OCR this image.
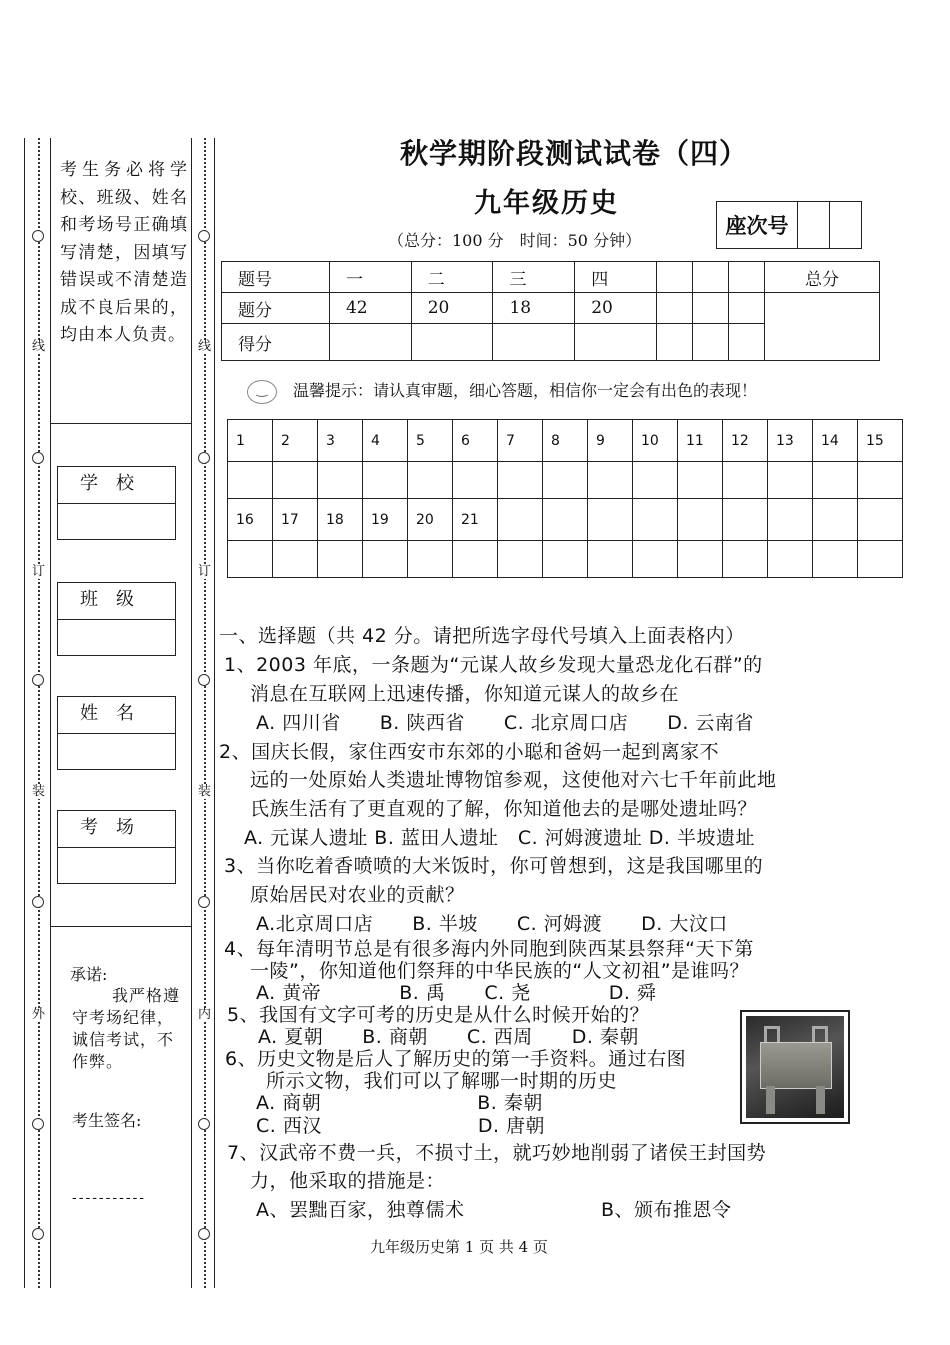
线
订
装
外
线
订
装
内
考生务必将学校、班级、姓名和考场号正确填写清楚，因填写错误或不清楚造成不良后果的，均由本人负责。
学校
班级
姓名
考场
承诺:
我严格遵守考场纪律，诚信考试，不作弊。
考生签名:
-----------
秋学期阶段测试试卷（四）
九年级历史
（总分：100 分　时间：50 分钟）
座次号		
题号	一	二	三	四				总分
题分	42	20	18	20				
得分								
‿ 温馨提示：请认真审题，细心答题，相信你一定会有出色的表现！
1	2	3	4	5	6	7	8	9	10	11	12	13	14	15

16	17	18	19	20	21									

一、选择题（共 42 分。请把所选字母代号填入上面表格内）
1、2003 年底，一条题为“元谋人故乡发现大量恐龙化石群”的
消息在互联网上迅速传播，你知道元谋人的故乡在
A. 四川省　　B. 陕西省　　C. 北京周口店　　D. 云南省
2、国庆长假，家住西安市东郊的小聪和爸妈一起到离家不
远的一处原始人类遗址博物馆参观，这使他对六七千年前此地
氏族生活有了更直观的了解，你知道他去的是哪处遗址吗？
A. 元谋人遗址 B. 蓝田人遗址　C. 河姆渡遗址 D. 半坡遗址
3、当你吃着香喷喷的大米饭时，你可曾想到，这是我国哪里的
原始居民对农业的贡献？
A.北京周口店　　B. 半坡　　C. 河姆渡　　D. 大汶口
4、每年清明节总是有很多海内外同胞到陕西某县祭拜“天下第
一陵”，你知道他们祭拜的中华民族的“人文初祖”是谁吗？
A. 黄帝　　　　B. 禹　　C. 尧　　　　D. 舜
5、我国有文字可考的历史是从什么时候开始的？
A. 夏朝　　B. 商朝　　C. 西周　　D. 秦朝
6、历史文物是后人了解历史的第一手资料。通过右图
所示文物，我们可以了解哪一时期的历史
A. 商朝　　　　　　　　B. 秦朝
C. 西汉　　　　　　　　D. 唐朝
7、汉武帝不费一兵，不损寸土，就巧妙地削弱了诸侯王封国势
力，他采取的措施是：
A、罢黜百家，独尊儒术　　　　　　　B、颁布推恩令
九年级历史第 1 页 共 4 页
